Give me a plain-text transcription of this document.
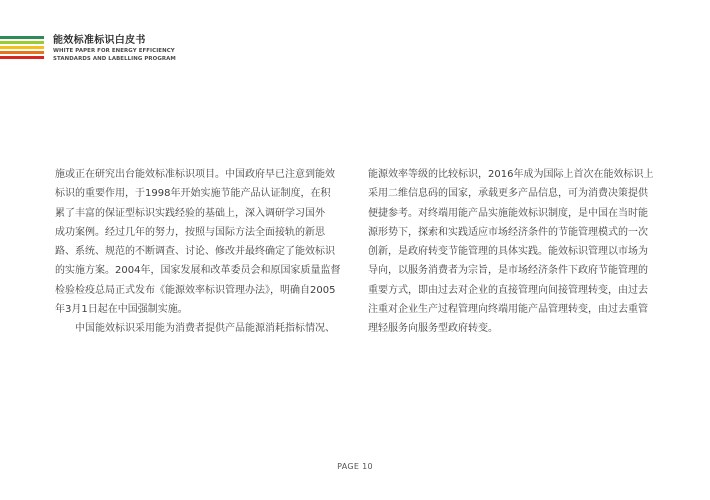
能效标准标识白皮书
WHITE PAPER FOR ENERGY EFFICIENCY
STANDARDS AND LABELLING PROGRAM

施或正在研究出台能效标准标识项目。中国政府早已注意到能效

标识的重要作用，于1998年开始实施节能产品认证制度，在积

累了丰富的保证型标识实践经验的基础上，深入调研学习国外

成功案例。经过几年的努力，按照与国际方法全面接轨的新思

路、系统、规范的不断调查、讨论、修改并最终确定了能效标识

的实施方案。2004年，国家发展和改革委员会和原国家质量监督

检验检疫总局正式发布《能源效率标识管理办法》，明确自2005

年3月1日起在中国强制实施。

中国能效标识采用能为消费者提供产品能源消耗指标情况、

能源效率等级的比较标识，2016年成为国际上首次在能效标识上

采用二维信息码的国家，承载更多产品信息，可为消费决策提供

便捷参考。对终端用能产品实施能效标识制度，是中国在当时能

源形势下，探索和实践适应市场经济条件的节能管理模式的一次

创新，是政府转变节能管理的具体实践。能效标识管理以市场为

导向，以服务消费者为宗旨，是市场经济条件下政府节能管理的

重要方式，即由过去对企业的直接管理向间接管理转变，由过去

注重对企业生产过程管理向终端用能产品管理转变，由过去重管

理轻服务向服务型政府转变。

PAGE 10
